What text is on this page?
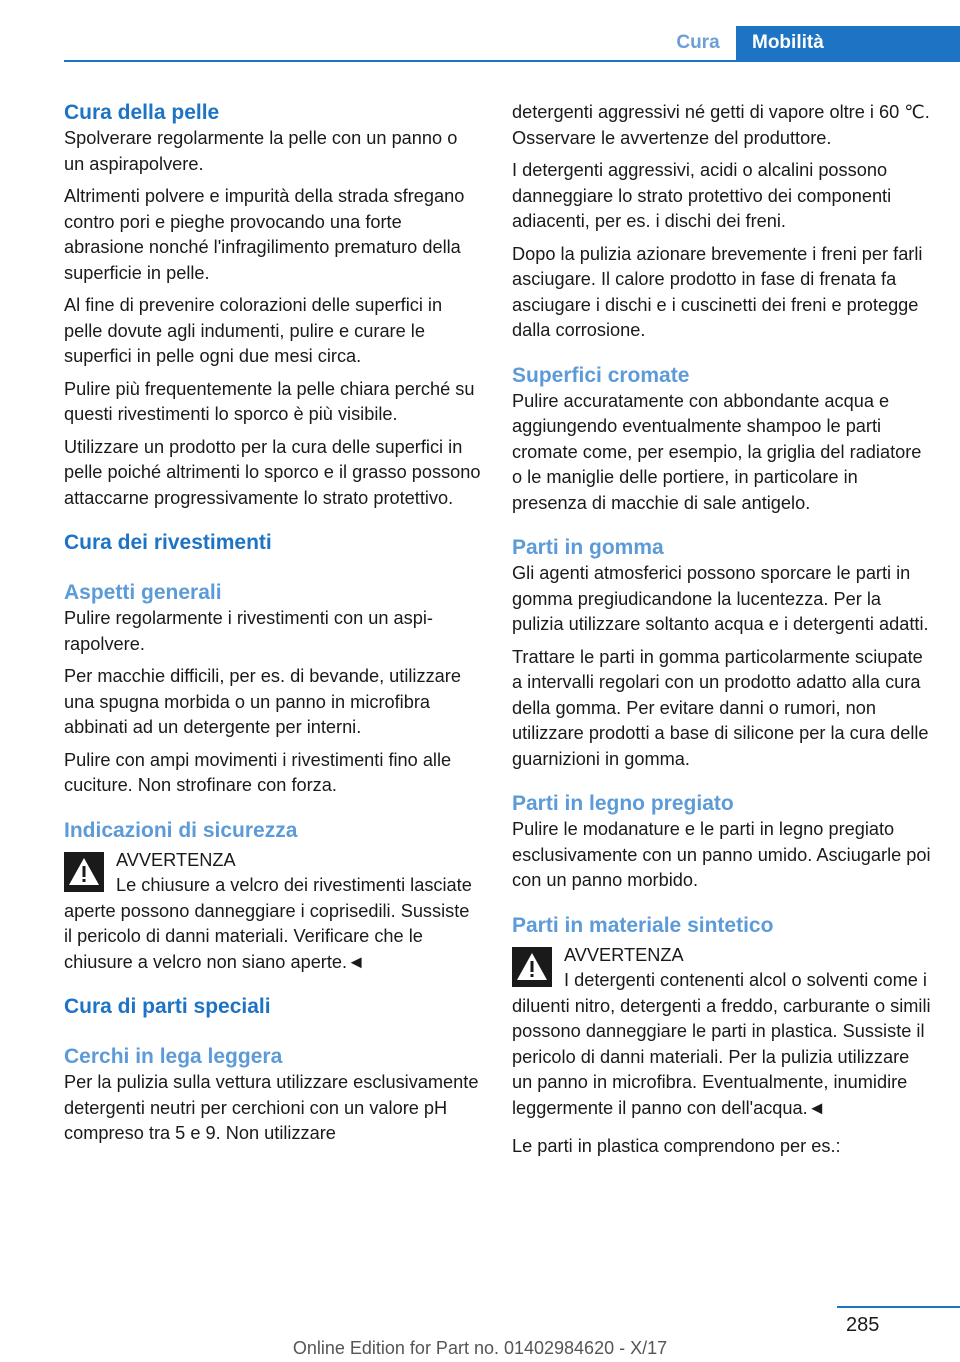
Cura	Mobilità
Cura della pelle

Spolverare regolarmente la pelle con un panno o un aspirapolvere.

Altrimenti polvere e impurità della strada sfregano contro pori e pieghe provocando una forte abrasione nonché l'infragilimento prematuro della superficie in pelle.

Al fine di prevenire colorazioni delle superfici in pelle dovute agli indumenti, pulire e curare le superfici in pelle ogni due mesi circa.

Pulire più frequentemente la pelle chiara perché su questi rivestimenti lo sporco è più visibile.

Utilizzare un prodotto per la cura delle superfici in pelle poiché altrimenti lo sporco e il grasso possono attaccarne progressivamente lo strato protettivo.

Cura dei rivestimenti
Aspetti generali

Pulire regolarmente i rivestimenti con un aspirapolvere.

Per macchie difficili, per es. di bevande, utilizzare una spugna morbida o un panno in microfibra abbinati ad un detergente per interni.

Pulire con ampi movimenti i rivestimenti fino alle cuciture. Non strofinare con forza.

Indicazioni di sicurezza
AVVERTENZA

Le chiusure a velcro dei rivestimenti lasciate aperte possono danneggiare i coprisedili. Sussiste il pericolo di danni materiali. Verificare che le chiusure a velcro non siano aperte.◄

Cura di parti speciali
Cerchi in lega leggera

Per la pulizia sulla vettura utilizzare esclusivamente detergenti neutri per cerchioni con un valore pH compreso tra 5 e 9. Non utilizzare

detergenti aggressivi né getti di vapore oltre i 60 ℃. Osservare le avvertenze del produttore.

I detergenti aggressivi, acidi o alcalini possono danneggiare lo strato protettivo dei componenti adiacenti, per es. i dischi dei freni.

Dopo la pulizia azionare brevemente i freni per farli asciugare. Il calore prodotto in fase di frenata fa asciugare i dischi e i cuscinetti dei freni e protegge dalla corrosione.

Superfici cromate

Pulire accuratamente con abbondante acqua e aggiungendo eventualmente shampoo le parti cromate come, per esempio, la griglia del radiatore o le maniglie delle portiere, in particolare in presenza di macchie di sale antigelo.

Parti in gomma

Gli agenti atmosferici possono sporcare le parti in gomma pregiudicandone la lucentezza. Per la pulizia utilizzare soltanto acqua e i detergenti adatti.

Trattare le parti in gomma particolarmente sciupate a intervalli regolari con un prodotto adatto alla cura della gomma. Per evitare danni o rumori, non utilizzare prodotti a base di silicone per la cura delle guarnizioni in gomma.

Parti in legno pregiato

Pulire le modanature e le parti in legno pregiato esclusivamente con un panno umido. Asciugarle poi con un panno morbido.

Parti in materiale sintetico
AVVERTENZA

I detergenti contenenti alcol o solventi come i diluenti nitro, detergenti a freddo, carburante o simili possono danneggiare le parti in plastica. Sussiste il pericolo di danni materiali. Per la pulizia utilizzare un panno in microfibra. Eventualmente, inumidire leggermente il panno con dell'acqua.◄

Le parti in plastica comprendono per es.:

285
Online Edition for Part no. 01402984620 - X/17
